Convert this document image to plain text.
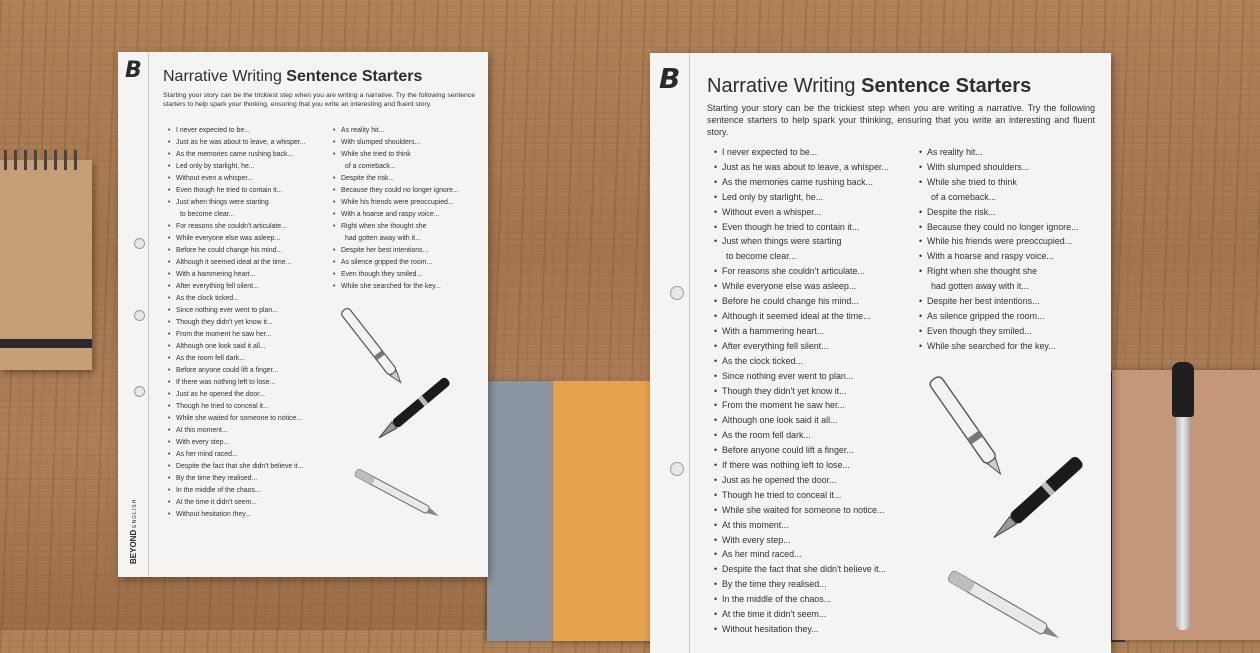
B
BEYONDENGLISH
Narrative Writing Sentence Starters
Starting your story can be the trickiest step when you are writing a narrative. Try the following sentence starters to help spark your thinking, ensuring that you write an interesting and fluent story.
• I never expected to be...
• Just as he was about to leave, a whisper...
• As the memories came rushing back...
• Led only by starlight, he...
• Without even a whisper...
• Even though he tried to contain it...
• Just when things were starting
to become clear...
• For reasons she couldn't articulate...
• While everyone else was asleep...
• Before he could change his mind...
• Although it seemed ideal at the time...
• With a hammering heart...
• After everything fell silent...
• As the clock ticked...
• Since nothing ever went to plan...
• Though they didn't yet know it...
• From the moment he saw her...
• Although one look said it all...
• As the room fell dark...
• Before anyone could lift a finger...
• If there was nothing left to lose...
• Just as he opened the door...
• Though he tried to conceal it...
• While she waited for someone to notice...
• At this moment...
• With every step...
• As her mind raced...
• Despite the fact that she didn't believe it...
• By the time they realised...
• In the middle of the chaos...
• At the time it didn't seem...
• Without hesitation they...
• As reality hit...
• With slumped shoulders...
• While she tried to think
of a comeback...
• Despite the risk...
• Because they could no longer ignore...
• While his friends were preoccupied...
• With a hoarse and raspy voice...
• Right when she thought she
had gotten away with it...
• Despite her best intentions...
• As silence gripped the room...
• Even though they smiled...
• While she searched for the key...
B Narrative Writing Sentence Starters
Starting your story can be the trickiest step when you are writing a narrative. Try the following sentence starters to help spark your thinking, ensuring that you write an interesting and fluent story.
• I never expected to be...
• Just as he was about to leave, a whisper...
• As the memories came rushing back...
• Led only by starlight, he...
• Without even a whisper...
• Even though he tried to contain it...
• Just when things were starting
to become clear...
• For reasons she couldn't articulate...
• While everyone else was asleep...
• Before he could change his mind...
• Although it seemed ideal at the time...
• With a hammering heart...
• After everything fell silent...
• As the clock ticked...
• Since nothing ever went to plan...
• Though they didn't yet know it...
• From the moment he saw her...
• Although one look said it all...
• As the room fell dark...
• Before anyone could lift a finger...
• If there was nothing left to lose...
• Just as he opened the door...
• Though he tried to conceal it...
• While she waited for someone to notice...
• At this moment...
• With every step...
• As her mind raced...
• Despite the fact that she didn't believe it...
• By the time they realised...
• In the middle of the chaos...
• At the time it didn't seem...
• Without hesitation they...
• As reality hit...
• With slumped shoulders...
• While she tried to think
of a comeback...
• Despite the risk...
• Because they could no longer ignore...
• While his friends were preoccupied...
• With a hoarse and raspy voice...
• Right when she thought she
had gotten away with it...
• Despite her best intentions...
• As silence gripped the room...
• Even though they smiled...
• While she searched for the key...
